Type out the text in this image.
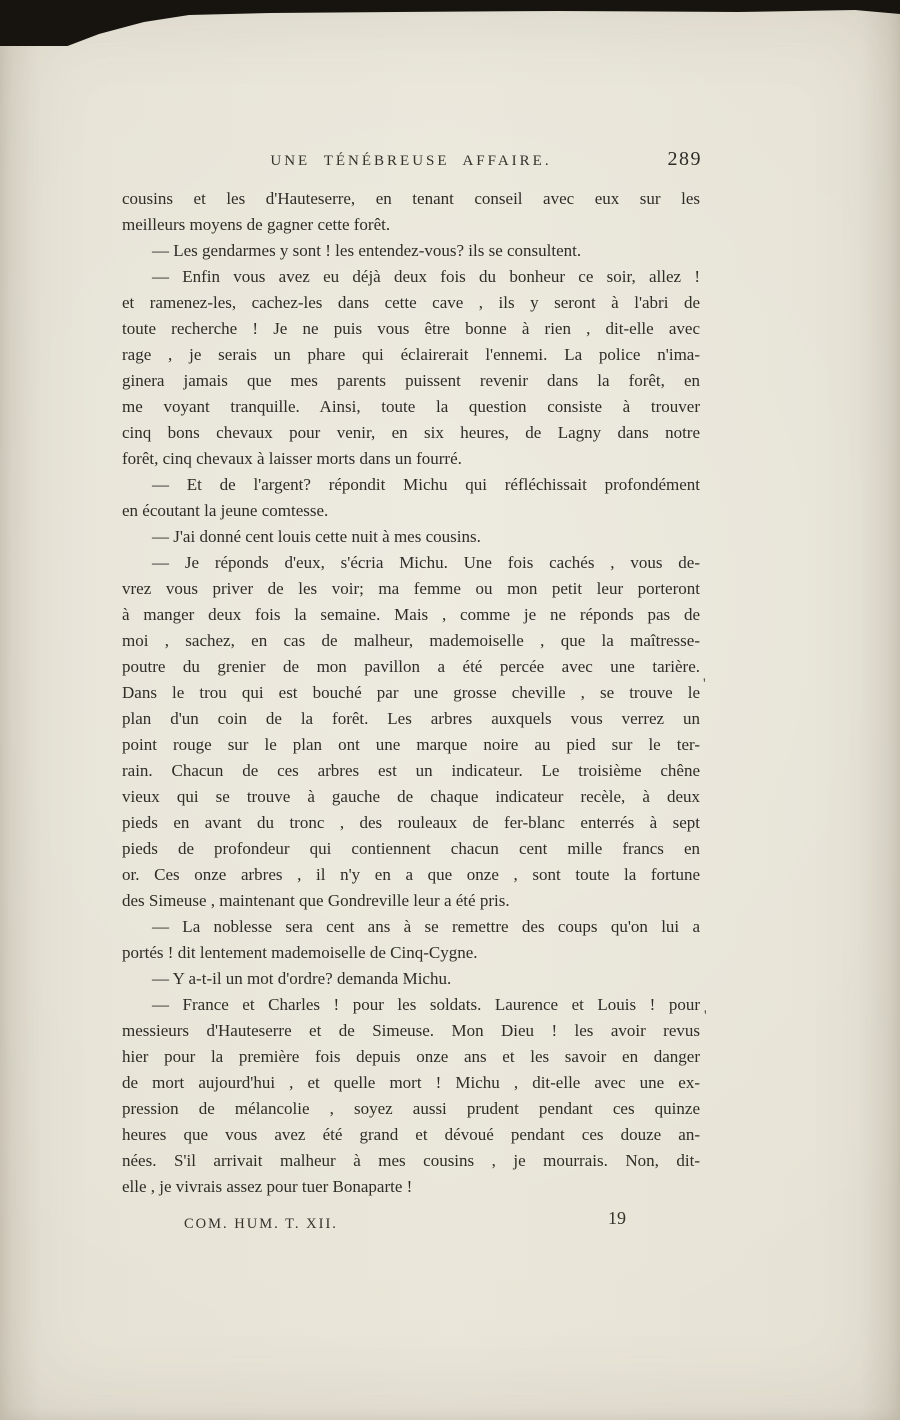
UNE TÉNÉBREUSE AFFAIRE.	289
cousins et les d'Hauteserre, en tenant conseil avec eux sur les
meilleurs moyens de gagner cette forêt.
— Les gendarmes y sont ! les entendez-vous? ils se consultent.
— Enfin vous avez eu déjà deux fois du bonheur ce soir, allez !
et ramenez-les, cachez-les dans cette cave , ils y seront à l'abri de
toute recherche ! Je ne puis vous être bonne à rien , dit-elle avec
rage , je serais un phare qui éclairerait l'ennemi. La police n'ima-
ginera jamais que mes parents puissent revenir dans la forêt, en
me voyant tranquille. Ainsi, toute la question consiste à trouver
cinq bons chevaux pour venir, en six heures, de Lagny dans notre
forêt, cinq chevaux à laisser morts dans un fourré.
— Et de l'argent? répondit Michu qui réfléchissait profondément
en écoutant la jeune comtesse.
— J'ai donné cent louis cette nuit à mes cousins.
— Je réponds d'eux, s'écria Michu. Une fois cachés , vous de-
vrez vous priver de les voir; ma femme ou mon petit leur porteront
à manger deux fois la semaine. Mais , comme je ne réponds pas de
moi , sachez, en cas de malheur, mademoiselle , que la maîtresse-
poutre du grenier de mon pavillon a été percée avec une tarière.
Dans le trou qui est bouché par une grosse cheville , se trouve le
plan d'un coin de la forêt. Les arbres auxquels vous verrez un
point rouge sur le plan ont une marque noire au pied sur le ter-
rain. Chacun de ces arbres est un indicateur. Le troisième chêne
vieux qui se trouve à gauche de chaque indicateur recèle, à deux
pieds en avant du tronc , des rouleaux de fer-blanc enterrés à sept
pieds de profondeur qui contiennent chacun cent mille francs en
or. Ces onze arbres , il n'y en a que onze , sont toute la fortune
des Simeuse , maintenant que Gondreville leur a été pris.
— La noblesse sera cent ans à se remettre des coups qu'on lui a
portés ! dit lentement mademoiselle de Cinq-Cygne.
— Y a-t-il un mot d'ordre? demanda Michu.
— France et Charles ! pour les soldats. Laurence et Louis ! pour
messieurs d'Hauteserre et de Simeuse. Mon Dieu ! les avoir revus
hier pour la première fois depuis onze ans et les savoir en danger
de mort aujourd'hui , et quelle mort ! Michu , dit-elle avec une ex-
pression de mélancolie , soyez aussi prudent pendant ces quinze
heures que vous avez été grand et dévoué pendant ces douze an-
nées. S'il arrivait malheur à mes cousins , je mourrais. Non, dit-
elle , je vivrais assez pour tuer Bonaparte !
COM. HUM. T. XII.	19
'
'
